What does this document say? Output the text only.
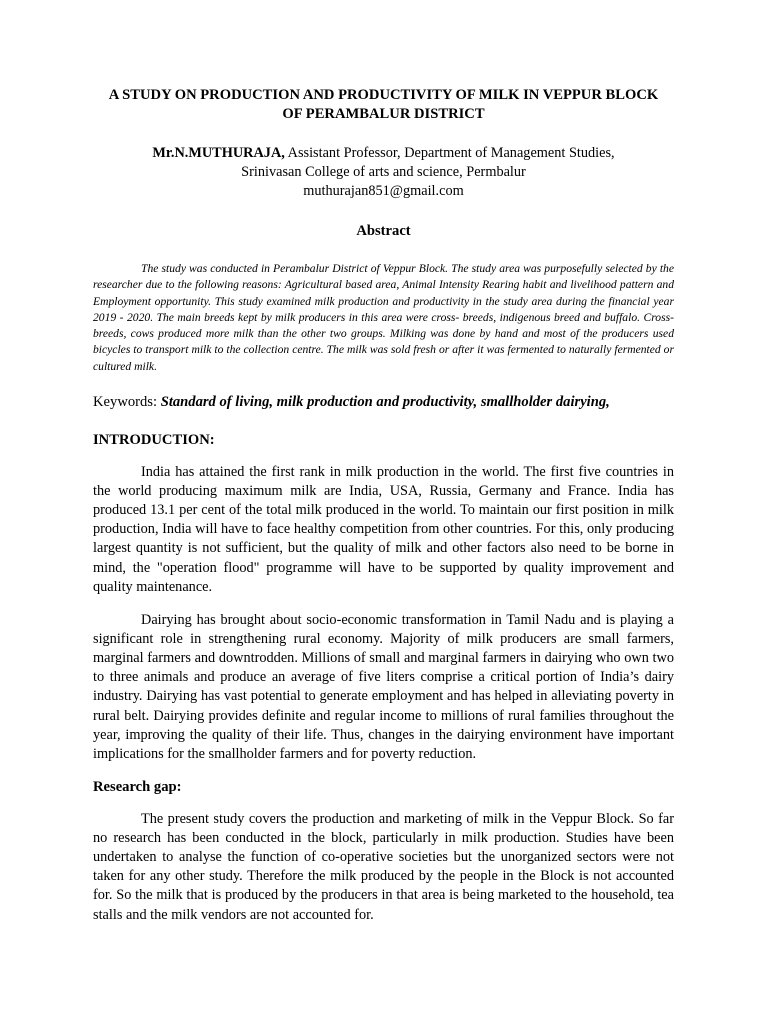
A STUDY ON PRODUCTION AND PRODUCTIVITY OF MILK IN VEPPUR BLOCK
OF PERAMBALUR DISTRICT
Mr.N.MUTHURAJA, Assistant Professor, Department of Management Studies,
Srinivasan College of arts and science, Permbalur
muthurajan851@gmail.com
Abstract

The study was conducted in Perambalur District of Veppur Block. The study area was purposefully selected by the researcher due to the following reasons: Agricultural based area, Animal Intensity Rearing habit and livelihood pattern and Employment opportunity. This study examined milk production and productivity in the study area during the financial year 2019 - 2020. The main breeds kept by milk producers in this area were cross- breeds, indigenous breed and buffalo. Cross- breeds, cows produced more milk than the other two groups. Milking was done by hand and most of the producers used bicycles to transport milk to the collection centre. The milk was sold fresh or after it was fermented to naturally fermented or cultured milk.

Keywords: Standard of living, milk production and productivity, smallholder dairying,
INTRODUCTION:

India has attained the first rank in milk production in the world. The first five countries in the world producing maximum milk are India, USA, Russia, Germany and France. India has produced 13.1 per cent of the total milk produced in the world. To maintain our first position in milk production, India will have to face healthy competition from other countries. For this, only producing largest quantity is not sufficient, but the quality of milk and other factors also need to be borne in mind, the "operation flood" programme will have to be supported by quality improvement and quality maintenance.

Dairying has brought about socio-economic transformation in Tamil Nadu and is playing a significant role in strengthening rural economy. Majority of milk producers are small farmers, marginal farmers and downtrodden. Millions of small and marginal farmers in dairying who own two to three animals and produce an average of five liters comprise a critical portion of India’s dairy industry. Dairying has vast potential to generate employment and has helped in alleviating poverty in rural belt. Dairying provides definite and regular income to millions of rural families throughout the year, improving the quality of their life. Thus, changes in the dairying environment have important implications for the smallholder farmers and for poverty reduction.

Research gap:

The present study covers the production and marketing of milk in the Veppur Block. So far no research has been conducted in the block, particularly in milk production. Studies have been undertaken to analyse the function of co-operative societies but the unorganized sectors were not taken for any other study. Therefore the milk produced by the people in the Block is not accounted for. So the milk that is produced by the producers in that area is being marketed to the household, tea stalls and the milk vendors are not accounted for.
